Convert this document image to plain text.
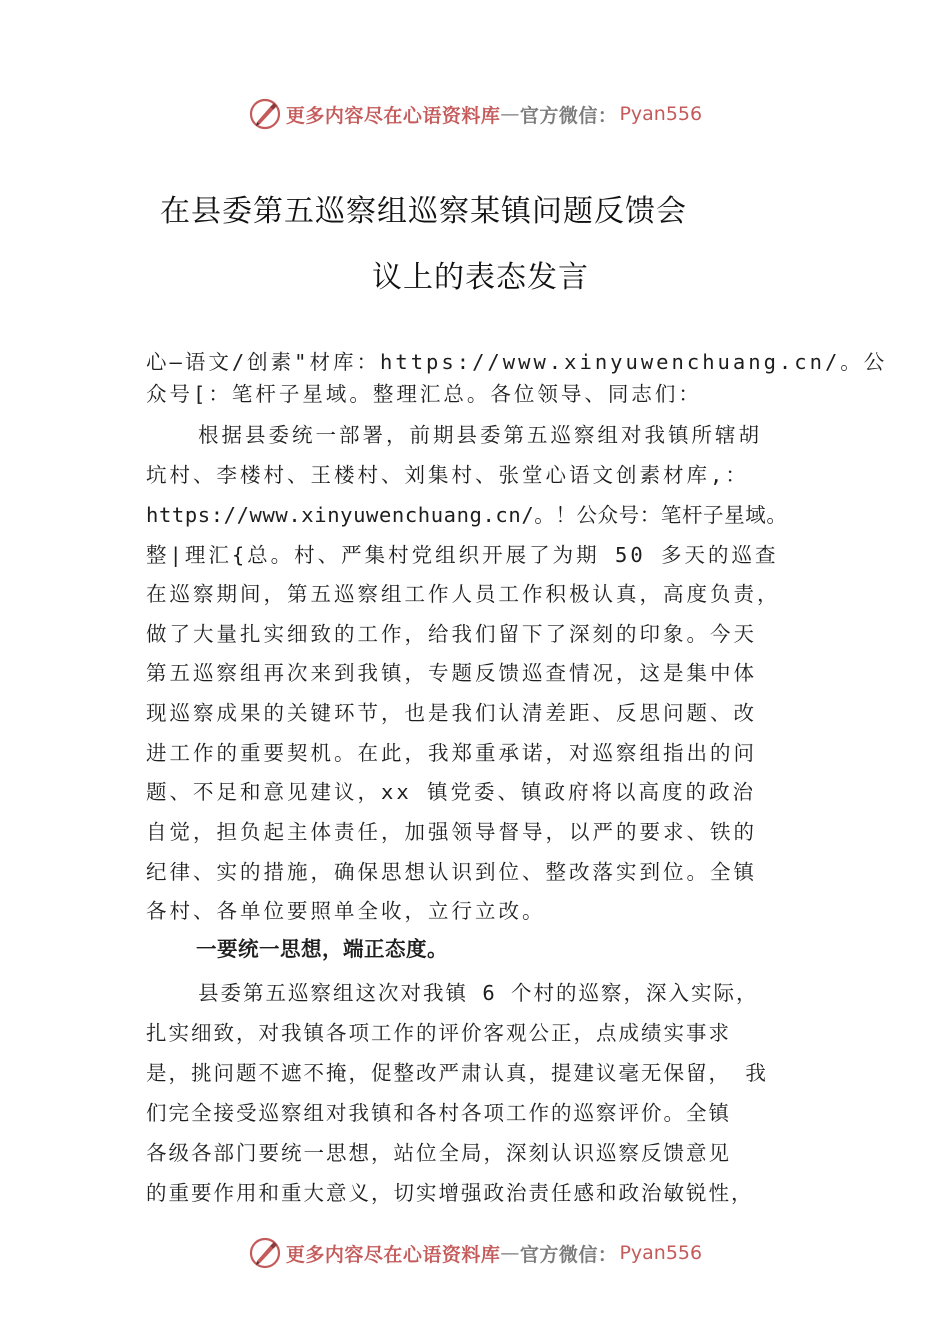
更多内容尽在心语资料库 — 官方微信： Pyan556
在县委第五巡察组巡察某镇问题反馈会
议上的表态发言
心—语文/创素"材库：https://www.xinyuwenchuang.cn/。公
众号[：笔杆子星域。整理汇总。各位领导、同志们：
根据县委统一部署，前期县委第五巡察组对我镇所辖胡
坑村、李楼村、王楼村、刘集村、张堂心语文创素材库,：
https://www.xinyuwenchuang.cn/。！公众号：笔杆子星域。
整|理汇{总。村、严集村党组织开展了为期 50 多天的巡查
在巡察期间，第五巡察组工作人员工作积极认真，高度负责，
做了大量扎实细致的工作，给我们留下了深刻的印象。今天
第五巡察组再次来到我镇，专题反馈巡查情况，这是集中体
现巡察成果的关键环节，也是我们认清差距、反思问题、改
进工作的重要契机。在此，我郑重承诺，对巡察组指出的问
题、不足和意见建议，xx 镇党委、镇政府将以高度的政治
自觉，担负起主体责任，加强领导督导，以严的要求、铁的
纪律、实的措施，确保思想认识到位、整改落实到位。全镇
各村、各单位要照单全收，立行立改。
一要统一思想，端正态度。
县委第五巡察组这次对我镇 6 个村的巡察，深入实际，
扎实细致，对我镇各项工作的评价客观公正，点成绩实事求
是，挑问题不遮不掩，促整改严肃认真，提建议毫无保留， 我
们完全接受巡察组对我镇和各村各项工作的巡察评价。全镇
各级各部门要统一思想，站位全局，深刻认识巡察反馈意见
的重要作用和重大意义，切实增强政治责任感和政治敏锐性，
更多内容尽在心语资料库 — 官方微信： Pyan556
